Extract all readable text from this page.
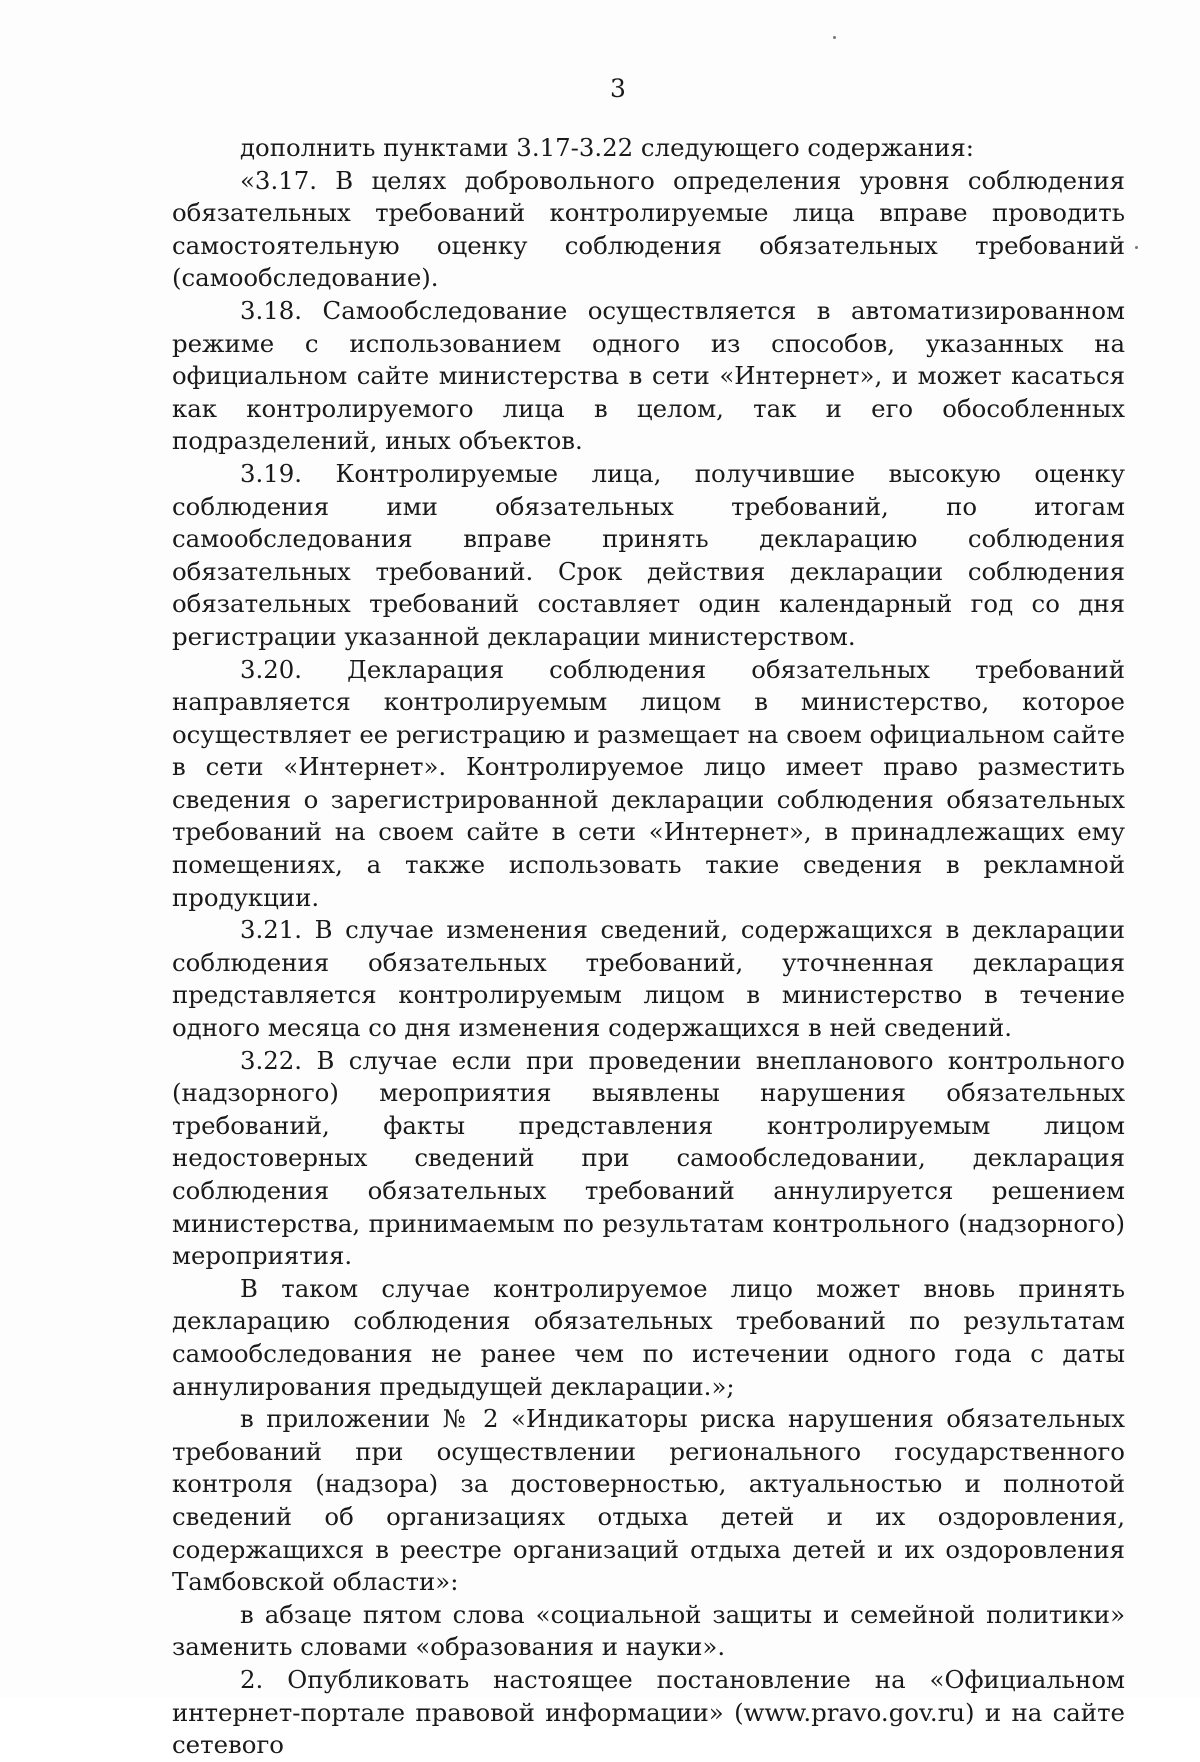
3

дополнить пунктами 3.17-3.22 следующего содержания:

«3.17. В целях добровольного определения уровня соблюдения обязательных требований контролируемые лица вправе проводить самостоятельную оценку соблюдения обязательных требований (самообследование).

3.18. Самообследование осуществляется в автоматизированном режиме с использованием одного из способов, указанных на официальном сайте министерства в сети «Интернет», и может касаться как контролируемого лица в целом, так и его обособленных подразделений, иных объектов.

3.19. Контролируемые лица, получившие высокую оценку соблюдения ими обязательных требований, по итогам самообследования вправе принять декларацию соблюдения обязательных требований. Срок действия декларации соблюдения обязательных требований составляет один календарный год со дня регистрации указанной декларации министерством.

3.20. Декларация соблюдения обязательных требований направляется контролируемым лицом в министерство, которое осуществляет ее регистрацию и размещает на своем официальном сайте в сети «Интернет». Контролируемое лицо имеет право разместить сведения о зарегистрированной декларации соблюдения обязательных требований на своем сайте в сети «Интернет», в принадлежащих ему помещениях, а также использовать такие сведения в рекламной продукции.

3.21. В случае изменения сведений, содержащихся в декларации соблюдения обязательных требований, уточненная декларация представляется контролируемым лицом в министерство в течение одного месяца со дня изменения содержащихся в ней сведений.

3.22. В случае если при проведении внепланового контрольного (надзорного) мероприятия выявлены нарушения обязательных требований, факты представления контролируемым лицом недостоверных сведений при самообследовании, декларация соблюдения обязательных требований аннулируется решением министерства, принимаемым по результатам контрольного (надзорного) мероприятия.

В таком случае контролируемое лицо может вновь принять декларацию соблюдения обязательных требований по результатам самообследования не ранее чем по истечении одного года с даты аннулирования предыдущей декларации.»;

в приложении № 2 «Индикаторы риска нарушения обязательных требований при осуществлении регионального государственного контроля (надзора) за достоверностью, актуальностью и полнотой сведений об организациях отдыха детей и их оздоровления, содержащихся в реестре организаций отдыха детей и их оздоровления Тамбовской области»:

в абзаце пятом слова «социальной защиты и семейной политики» заменить словами «образования и науки».

2. Опубликовать настоящее постановление на «Официальном интернет-портале правовой информации» (www.pravo.gov.ru) и на сайте сетевого
